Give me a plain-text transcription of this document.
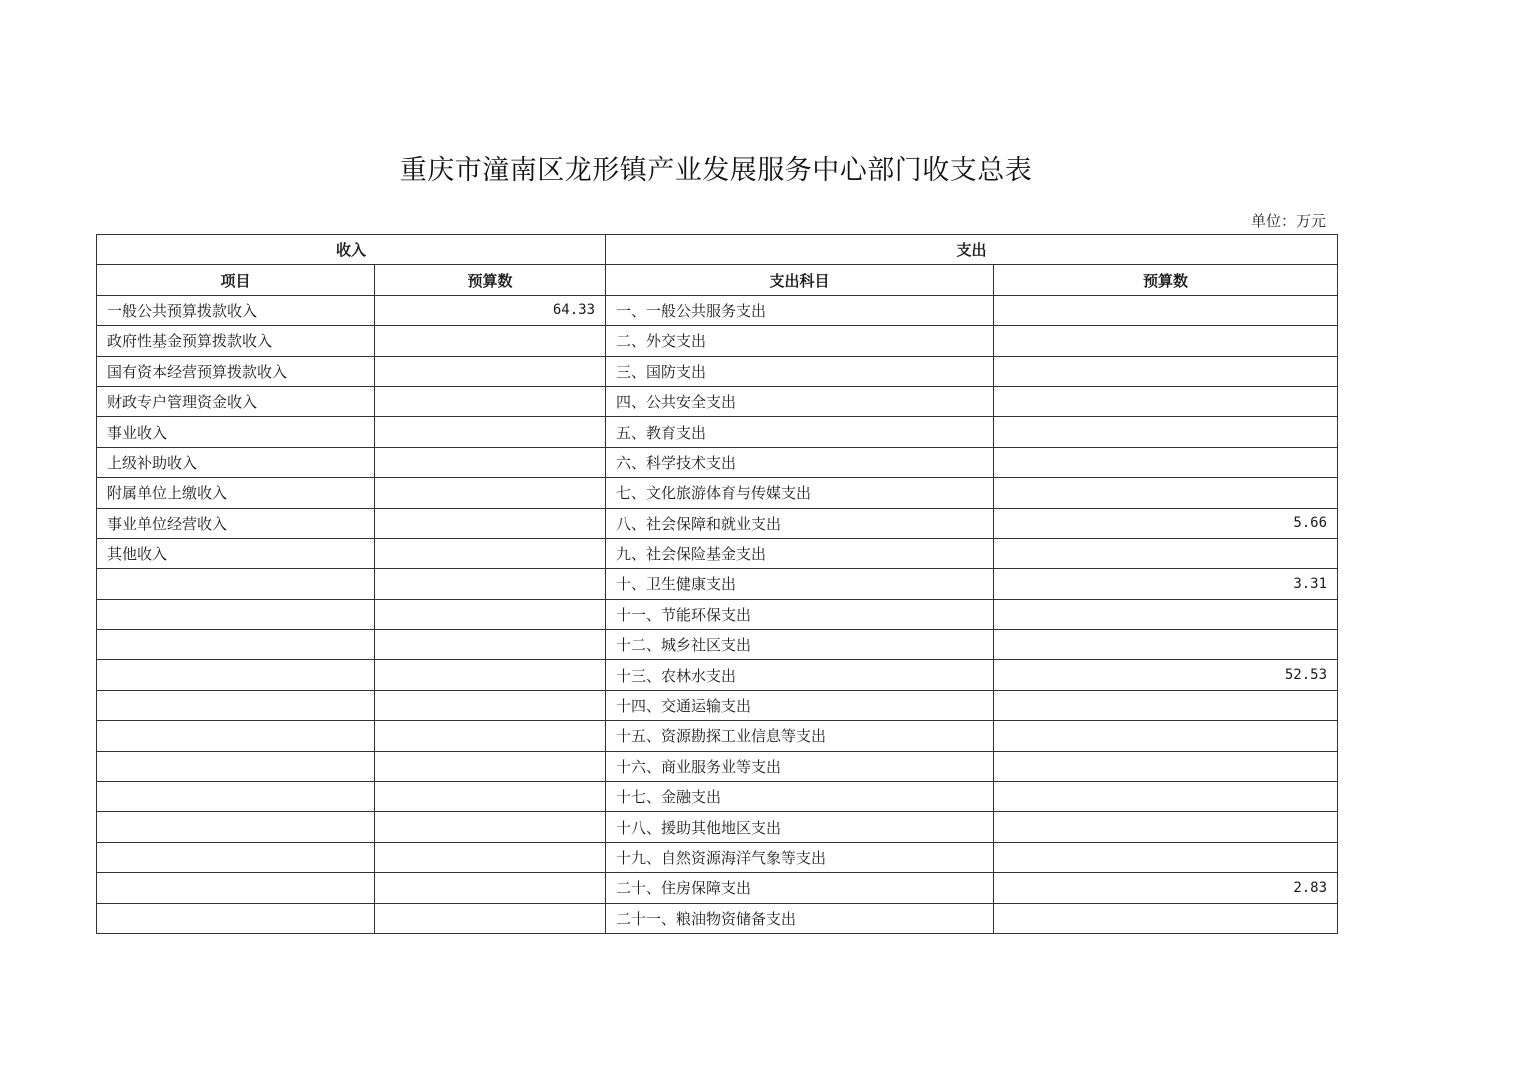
重庆市潼南区龙形镇产业发展服务中心部门收支总表
单位：万元
收入		支出	
项目	预算数	支出科目	预算数
一般公共预算拨款收入	64.33	一、一般公共服务支出	
政府性基金预算拨款收入		二、外交支出	
国有资本经营预算拨款收入		三、国防支出	
财政专户管理资金收入		四、公共安全支出	
事业收入		五、教育支出	
上级补助收入		六、科学技术支出	
附属单位上缴收入		七、文化旅游体育与传媒支出	
事业单位经营收入		八、社会保障和就业支出	5.66
其他收入		九、社会保险基金支出	
		十、卫生健康支出	3.31
		十一、节能环保支出	
		十二、城乡社区支出	
		十三、农林水支出	52.53
		十四、交通运输支出	
		十五、资源勘探工业信息等支出	
		十六、商业服务业等支出	
		十七、金融支出	
		十八、援助其他地区支出	
		十九、自然资源海洋气象等支出	
		二十、住房保障支出	2.83
		二十一、粮油物资储备支出	
